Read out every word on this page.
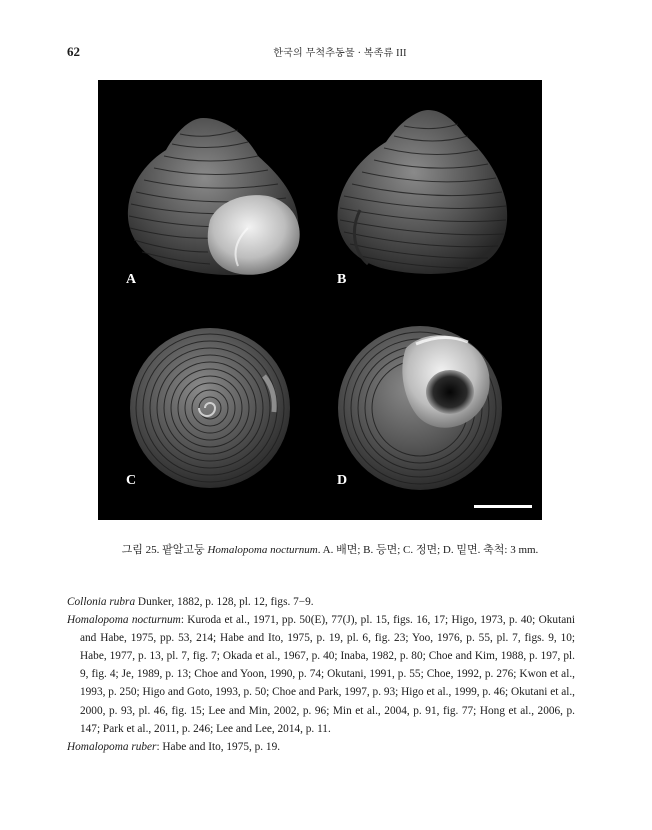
62	한국의 무척추동물 · 복족류 III
A	B
C	D
그림 25. 팥알고둥 Homalopoma nocturnum. A. 배면; B. 등면; C. 정면; D. 밑면. 축척: 3 mm.

Collonia rubra Dunker, 1882, p. 128, pl. 12, figs. 7−9.

Homalopoma nocturnum: Kuroda et al., 1971, pp. 50(E), 77(J), pl. 15, figs. 16, 17; Higo, 1973, p. 40; Okutani and Habe, 1975, pp. 53, 214; Habe and Ito, 1975, p. 19, pl. 6, fig. 23; Yoo, 1976, p. 55, pl. 7, figs. 9, 10; Habe, 1977, p. 13, pl. 7, fig. 7; Okada et al., 1967, p. 40; Inaba, 1982, p. 80; Choe and Kim, 1988, p. 197, pl. 9, fig. 4; Je, 1989, p. 13; Choe and Yoon, 1990, p. 74; Okutani, 1991, p. 55; Choe, 1992, p. 276; Kwon et al., 1993, p. 250; Higo and Goto, 1993, p. 50; Choe and Park, 1997, p. 93; Higo et al., 1999, p. 46; Okutani et al., 2000, p. 93, pl. 46, fig. 15; Lee and Min, 2002, p. 96; Min et al., 2004, p. 91, fig. 77; Hong et al., 2006, p. 147; Park et al., 2011, p. 246; Lee and Lee, 2014, p. 11.

Homalopoma ruber: Habe and Ito, 1975, p. 19.
